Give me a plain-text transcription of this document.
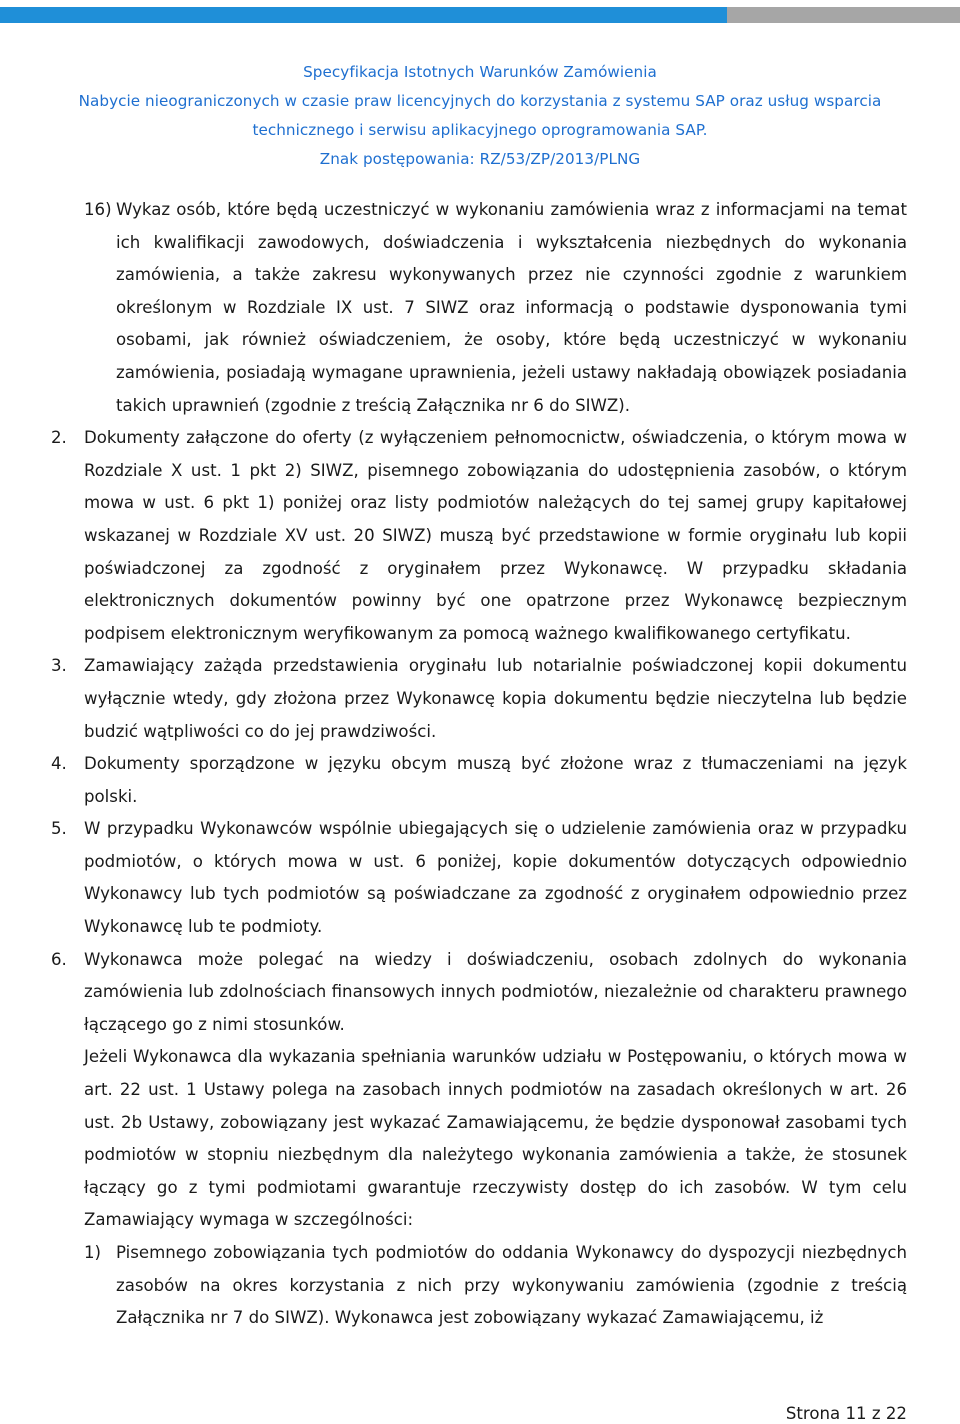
Specyfikacja Istotnych Warunków Zamówienia
Nabycie nieograniczonych w czasie praw licencyjnych do korzystania z systemu SAP oraz usług wsparcia
technicznego i serwisu aplikacyjnego oprogramowania SAP.
Znak postępowania: RZ/53/ZP/2013/PLNG
16) Wykaz osób, które będą uczestniczyć w wykonaniu zamówienia wraz z informacjami na temat ich kwalifikacji zawodowych, doświadczenia i wykształcenia niezbędnych do wykonania zamówienia, a także zakresu wykonywanych przez nie czynności zgodnie z warunkiem określonym w Rozdziale IX ust. 7 SIWZ oraz informacją o podstawie dysponowania tymi osobami, jak również oświadczeniem, że osoby, które będą uczestniczyć w wykonaniu zamówienia, posiadają wymagane uprawnienia, jeżeli ustawy nakładają obowiązek posiadania takich uprawnień (zgodnie z treścią Załącznika nr 6 do SIWZ).
2. Dokumenty załączone do oferty (z wyłączeniem pełnomocnictw, oświadczenia, o którym mowa w Rozdziale X ust. 1 pkt 2) SIWZ, pisemnego zobowiązania do udostępnienia zasobów, o którym mowa w ust. 6 pkt 1) poniżej oraz listy podmiotów należących do tej samej grupy kapitałowej wskazanej w Rozdziale XV ust. 20 SIWZ) muszą być przedstawione w formie oryginału lub kopii poświadczonej za zgodność z oryginałem przez Wykonawcę. W przypadku składania elektronicznych dokumentów powinny być one opatrzone przez Wykonawcę bezpiecznym podpisem elektronicznym weryfikowanym za pomocą ważnego kwalifikowanego certyfikatu.
3. Zamawiający zażąda przedstawienia oryginału lub notarialnie poświadczonej kopii dokumentu wyłącznie wtedy, gdy złożona przez Wykonawcę kopia dokumentu będzie nieczytelna lub będzie budzić wątpliwości co do jej prawdziwości.
4. Dokumenty sporządzone w języku obcym muszą być złożone wraz z tłumaczeniami na język polski.
5. W przypadku Wykonawców wspólnie ubiegających się o udzielenie zamówienia oraz w przypadku podmiotów, o których mowa w ust. 6 poniżej, kopie dokumentów dotyczących odpowiednio Wykonawcy lub tych podmiotów są poświadczane za zgodność z oryginałem odpowiednio przez Wykonawcę lub te podmioty.
6. Wykonawca może polegać na wiedzy i doświadczeniu, osobach zdolnych do wykonania zamówienia lub zdolnościach finansowych innych podmiotów, niezależnie od charakteru prawnego łączącego go z nimi stosunków.
Jeżeli Wykonawca dla wykazania spełniania warunków udziału w Postępowaniu, o których mowa w art. 22 ust. 1 Ustawy polega na zasobach innych podmiotów na zasadach określonych w art. 26 ust. 2b Ustawy, zobowiązany jest wykazać Zamawiającemu, że będzie dysponował zasobami tych podmiotów w stopniu niezbędnym dla należytego wykonania zamówienia a także, że stosunek łączący go z tymi podmiotami gwarantuje rzeczywisty dostęp do ich zasobów. W tym celu Zamawiający wymaga w szczególności:
1) Pisemnego zobowiązania tych podmiotów do oddania Wykonawcy do dyspozycji niezbędnych zasobów na okres korzystania z nich przy wykonywaniu zamówienia (zgodnie z treścią Załącznika nr 7 do SIWZ). Wykonawca jest zobowiązany wykazać Zamawiającemu, iż
Strona 11 z 22
